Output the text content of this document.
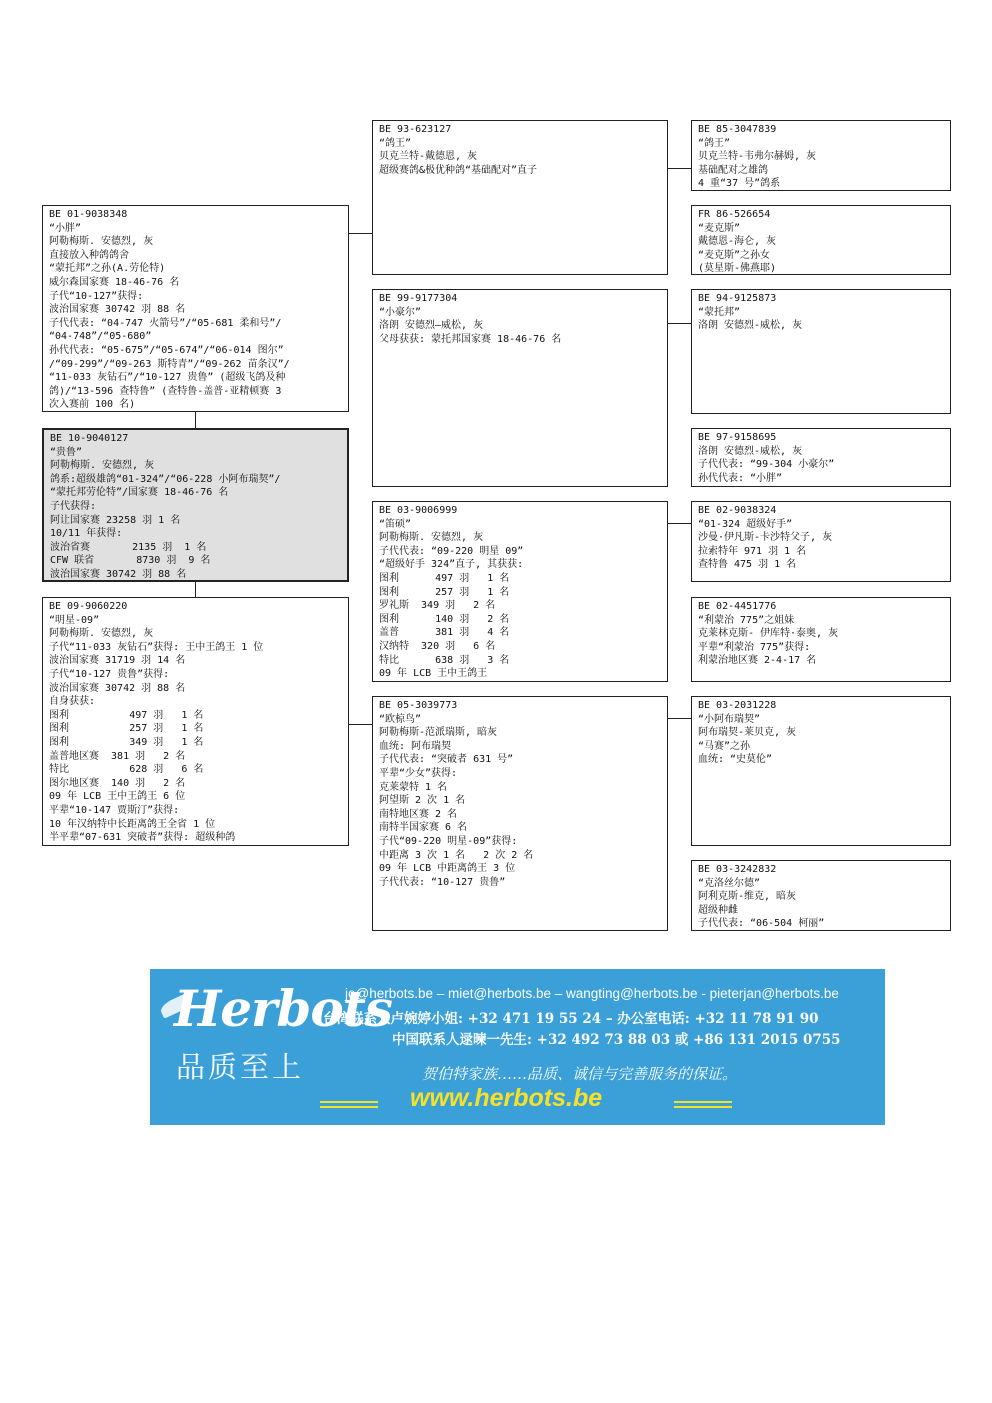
BE 01-9038348
“小胖”
阿勒梅斯. 安德烈, 灰
直接放入种鸽鸽舍
“蒙托邦”之孙(A.劳伦特)
威尔森国家赛 18-46-76 名
子代“10-127”获得:
波治国家赛 30742 羽 88 名
子代代表: “04-747 火箭号”/“05-681 柔和号”/
“04-748”/“05-680”
孙代代表: “05-675”/“05-674”/“06-014 图尔”
/“09-299”/“09-263 斯特青”/“09-262 苗条汉”/
“11-033 灰钻石”/“10-127 贵鲁” (超级飞鸽及种
鸽)/“13-596 查特鲁” (查特鲁-盖普-亚精顿赛 3
次入赛前 100 名)
BE 10-9040127
“贵鲁”
阿勒梅斯. 安德烈, 灰
鸽系:超级雄鸽“01-324”/“06-228 小阿布瑞契”/
“蒙托邦劳伦特”/国家赛 18-46-76 名
子代获得:
阿让国家赛 23258 羽 1 名
10/11 年获得:
波治省赛       2135 羽  1 名
CFW 联省       8730 羽  9 名
波治国家赛 30742 羽 88 名
BE 09-9060220
“明星-09”
阿勒梅斯. 安德烈, 灰
子代“11-033 灰钻石”获得: 王中王鸽王 1 位
波治国家赛 31719 羽 14 名
子代“10-127 贵鲁”获得:
波治国家赛 30742 羽 88 名
自身获获:
图利          497 羽   1 名
图利          257 羽   1 名
图利          349 羽   1 名
盖普地区赛  381 羽   2 名
特比          628 羽   6 名
图尔地区赛  140 羽   2 名
09 年 LCB 王中王鸽王 6 位
平辈“10-147 贾斯汀”获得:
10 年汉纳特中长距离鸽王全省 1 位
半平辈“07-631 突破者”获得: 超级种鸽
BE 93-623127
“鸽王”
贝克兰特-戴德恩, 灰
超级赛鸽&极优种鸽“基础配对”直子
BE 99-9177304
“小豪尔”
洛朗 安德烈—威松, 灰
父母获获: 蒙托邦国家赛 18-46-76 名
BE 03-9006999
“笛硕”
阿勒梅斯. 安德烈, 灰
子代代表: “09-220 明星 09”
“超级好手 324”直子, 其获获:
图利      497 羽   1 名
图利      257 羽   1 名
罗礼斯  349 羽   2 名
图利      140 羽   2 名
盖普      381 羽   4 名
汉纳特  320 羽   6 名
特比      638 羽   3 名
09 年 LCB 王中王鸽王
BE 05-3039773
“欧椋鸟”
阿勒梅斯-范派瑞斯, 暗灰
血统: 阿布瑞契
子代代表: “突破者 631 号”
平辈“少女”获得:
克莱蒙特 1 名
阿望斯 2 次 1 名
南特地区赛 2 名
南特半国家赛 6 名
子代“09-220 明星-09”获得:
中距离 3 次 1 名   2 次 2 名
09 年 LCB 中距离鸽王 3 位
子代代表: “10-127 贵鲁”
BE 85-3047839
“鸽王”
贝克兰特-韦弗尔赫姆, 灰
基础配对之雄鸽
4 重“37 号”鸽系
FR 86-526654
“麦克斯”
戴德恩-海仑, 灰
“麦克斯”之孙女
(莫星斯-佛燕耶)
BE 94-9125873
“蒙托邦”
洛朗 安德烈-威松, 灰
BE 97-9158695
洛朗 安德烈-威松, 灰
子代代表: “99-304 小豪尔”
孙代代表: “小胖”
BE 02-9038324
“01-324 超级好手”
沙曼·伊凡斯-卡沙特父子, 灰
拉索特年 971 羽 1 名
查特鲁 475 羽 1 名
BE 02-4451776
“利蒙治 775”之姐妹
克莱林克斯- 伊库特·泰奥, 灰
平辈“利蒙治 775”获得:
利蒙治地区赛 2-4-17 名
BE 03-2031228
“小阿布瑞契”
阿布瑞契-莱贝克, 灰
“马赛”之孙
血统: “史莫伦”
BE 03-3242832
“克洛丝尔德”
阿利克斯-维克, 暗灰
超级种雌
子代代表: “06-504 柯丽”
Herbots
品质至上
jo@herbots.be – miet@herbots.be – wangting@herbots.be - pieterjan@herbots.be
台湾联系人卢婉婷小姐: +32 471 19 55 24 – 办公室电话: +32 11 78 91 90
中国联系人逯暕一先生: +32 492 73 88 03 或 +86 131 2015 0755
贺伯特家族……品质、诚信与完善服务的保证。
www.herbots.be
